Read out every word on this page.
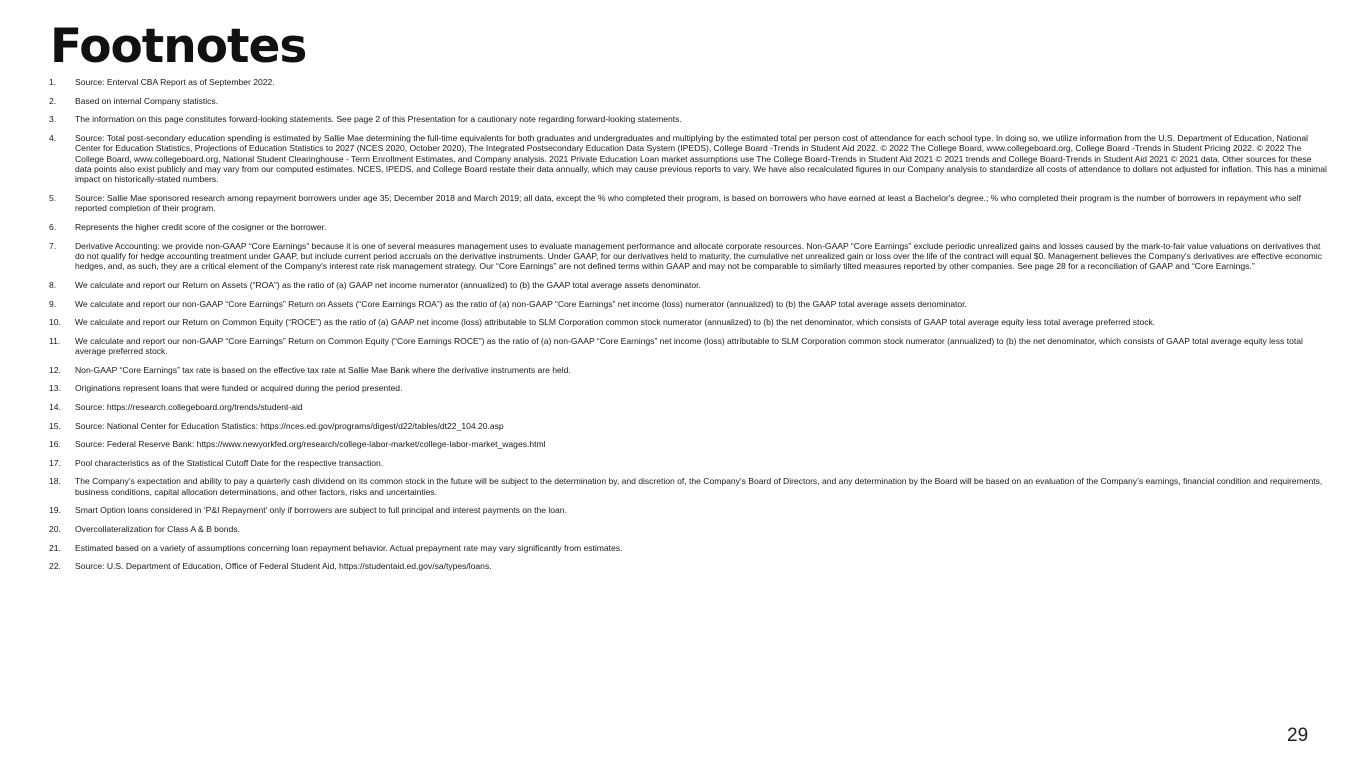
Footnotes
1.	Source: Enterval CBA Report as of September 2022.
2.	Based on internal Company statistics.
3.	The information on this page constitutes forward-looking statements. See page 2 of this Presentation for a cautionary note regarding forward-looking statements.
4.	Source: Total post-secondary education spending is estimated by Sallie Mae determining the full-time equivalents for both graduates and undergraduates and multiplying by the estimated total per person cost of attendance for each school type. In doing so, we utilize information from the U.S. Department of Education, National Center for Education Statistics, Projections of Education Statistics to 2027 (NCES 2020, October 2020), The Integrated Postsecondary Education Data System (IPEDS), College Board -Trends in Student Aid 2022. © 2022 The College Board, www.collegeboard.org, College Board -Trends in Student Pricing 2022. © 2022 The College Board, www.collegeboard.org, National Student Clearinghouse - Term Enrollment Estimates, and Company analysis. 2021 Private Education Loan market assumptions use The College Board-Trends in Student Aid 2021 © 2021 trends and College Board-Trends in Student Aid 2021 © 2021 data. Other sources for these data points also exist publicly and may vary from our computed estimates. NCES, IPEDS, and College Board restate their data annually, which may cause previous reports to vary. We have also recalculated figures in our Company analysis to standardize all costs of attendance to dollars not adjusted for inflation. This has a minimal impact on historically-stated numbers.
5.	Source: Sallie Mae sponsored research among repayment borrowers under age 35; December 2018 and March 2019; all data, except the % who completed their program, is based on borrowers who have earned at least a Bachelor's degree.; % who completed their program is the number of borrowers in repayment who self reported completion of their program.
6.	Represents the higher credit score of the cosigner or the borrower.
7.	Derivative Accounting: we provide non-GAAP “Core Earnings” because it is one of several measures management uses to evaluate management performance and allocate corporate resources. Non-GAAP “Core Earnings” exclude periodic unrealized gains and losses caused by the mark-to-fair value valuations on derivatives that do not qualify for hedge accounting treatment under GAAP, but include current period accruals on the derivative instruments. Under GAAP, for our derivatives held to maturity, the cumulative net unrealized gain or loss over the life of the contract will equal $0. Management believes the Company's derivatives are effective economic hedges, and, as such, they are a critical element of the Company's interest rate risk management strategy. Our “Core Earnings” are not defined terms within GAAP and may not be comparable to similarly tilted measures reported by other companies. See page 28 for a reconciliation of GAAP and “Core Earnings.”
8.	We calculate and report our Return on Assets (“ROA”) as the ratio of (a) GAAP net income numerator (annualized) to (b) the GAAP total average assets denominator.
9.	We calculate and report our non-GAAP “Core Earnings” Return on Assets (“Core Earnings ROA”) as the ratio of (a) non-GAAP “Core Earnings” net income (loss) numerator (annualized) to (b) the GAAP total average assets denominator.
10.	We calculate and report our Return on Common Equity (“ROCE”) as the ratio of (a) GAAP net income (loss) attributable to SLM Corporation common stock numerator (annualized) to (b) the net denominator, which consists of GAAP total average equity less total average preferred stock.
11.	We calculate and report our non-GAAP “Core Earnings” Return on Common Equity (“Core Earnings ROCE”) as the ratio of (a) non-GAAP “Core Earnings” net income (loss) attributable to SLM Corporation common stock numerator (annualized) to (b) the net denominator, which consists of GAAP total average equity less total average preferred stock.
12.	Non-GAAP “Core Earnings” tax rate is based on the effective tax rate at Sallie Mae Bank where the derivative instruments are held.
13.	Originations represent loans that were funded or acquired during the period presented.
14.	Source: https://research.collegeboard.org/trends/student-aid
15.	Source: National Center for Education Statistics: https://nces.ed.gov/programs/digest/d22/tables/dt22_104.20.asp
16.	Source: Federal Reserve Bank: https://www.newyorkfed.org/research/college-labor-market/college-labor-market_wages.html
17.	Pool characteristics as of the Statistical Cutoff Date for the respective transaction.
18.	The Company’s expectation and ability to pay a quarterly cash dividend on its common stock in the future will be subject to the determination by, and discretion of, the Company’s Board of Directors, and any determination by the Board will be based on an evaluation of the Company’s earnings, financial condition and requirements, business conditions, capital allocation determinations, and other factors, risks and uncertainties.
19.	Smart Option loans considered in ‘P&I Repayment’ only if borrowers are subject to full principal and interest payments on the loan.
20.	Overcollateralization for Class A & B bonds.
21.	Estimated based on a variety of assumptions concerning loan repayment behavior. Actual prepayment rate may vary significantly from estimates.
22.	Source: U.S. Department of Education, Office of Federal Student Aid, https://studentaid.ed.gov/sa/types/loans.
29
